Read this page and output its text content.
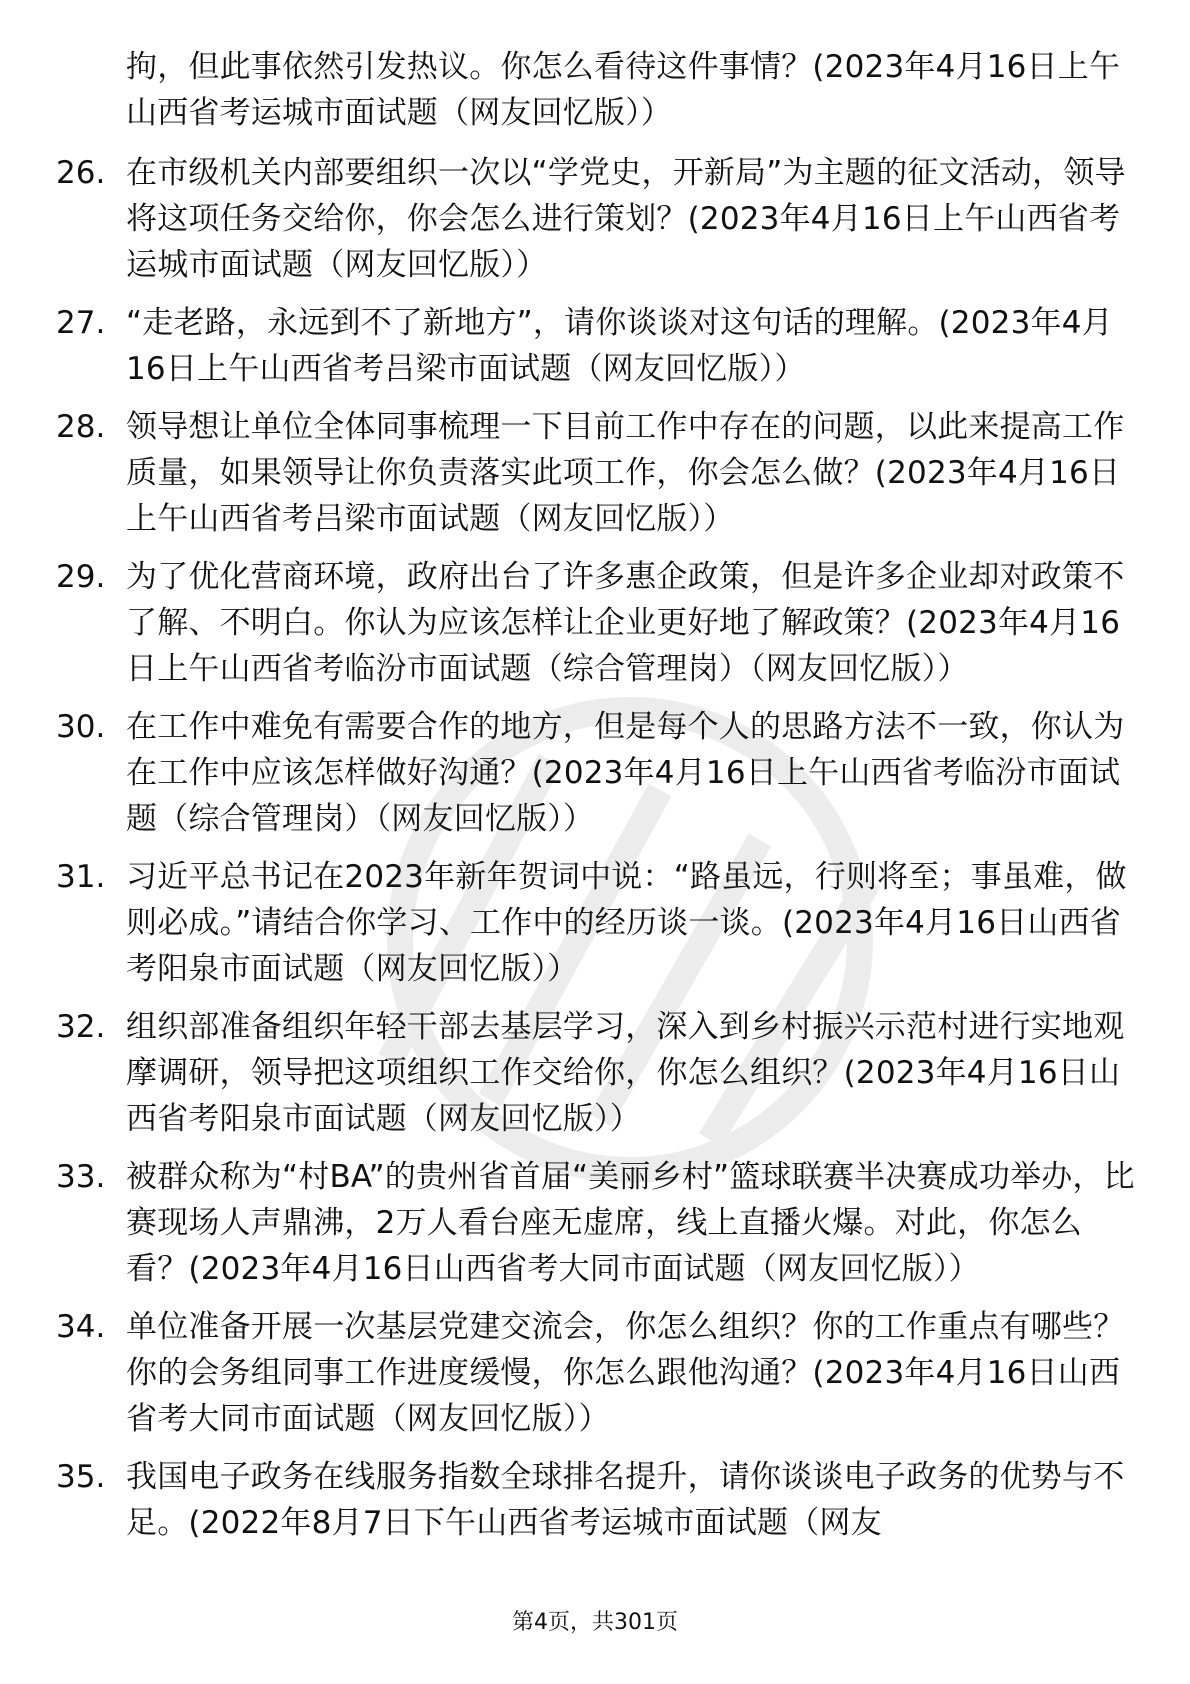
拘，但此事依然引发热议。你怎么看待这件事情？(2023年4月16日上午山西省考运城市面试题（网友回忆版））
26. 在市级机关内部要组织一次以“学党史，开新局”为主题的征文活动，领导将这项任务交给你，你会怎么进行策划？(2023年4月16日上午山西省考运城市面试题（网友回忆版））
27. “走老路，永远到不了新地方”，请你谈谈对这句话的理解。(2023年4月16日上午山西省考吕梁市面试题（网友回忆版））
28. 领导想让单位全体同事梳理一下目前工作中存在的问题，以此来提高工作质量，如果领导让你负责落实此项工作，你会怎么做？(2023年4月16日上午山西省考吕梁市面试题（网友回忆版））
29. 为了优化营商环境，政府出台了许多惠企政策，但是许多企业却对政策不了解、不明白。你认为应该怎样让企业更好地了解政策？(2023年4月16日上午山西省考临汾市面试题（综合管理岗）（网友回忆版））
30. 在工作中难免有需要合作的地方，但是每个人的思路方法不一致，你认为在工作中应该怎样做好沟通？(2023年4月16日上午山西省考临汾市面试题（综合管理岗）（网友回忆版））
31. 习近平总书记在2023年新年贺词中说：“路虽远，行则将至；事虽难，做则必成。”请结合你学习、工作中的经历谈一谈。(2023年4月16日山西省考阳泉市面试题（网友回忆版））
32. 组织部准备组织年轻干部去基层学习，深入到乡村振兴示范村进行实地观摩调研，领导把这项组织工作交给你，你怎么组织？(2023年4月16日山西省考阳泉市面试题（网友回忆版））
33. 被群众称为“村BA”的贵州省首届“美丽乡村”篮球联赛半决赛成功举办，比赛现场人声鼎沸，2万人看台座无虚席，线上直播火爆。对此，你怎么看？(2023年4月16日山西省考大同市面试题（网友回忆版））
34. 单位准备开展一次基层党建交流会，你怎么组织？你的工作重点有哪些？你的会务组同事工作进度缓慢，你怎么跟他沟通？(2023年4月16日山西省考大同市面试题（网友回忆版））
35. 我国电子政务在线服务指数全球排名提升，请你谈谈电子政务的优势与不足。(2022年8月7日下午山西省考运城市面试题（网友
第4页，共301页
